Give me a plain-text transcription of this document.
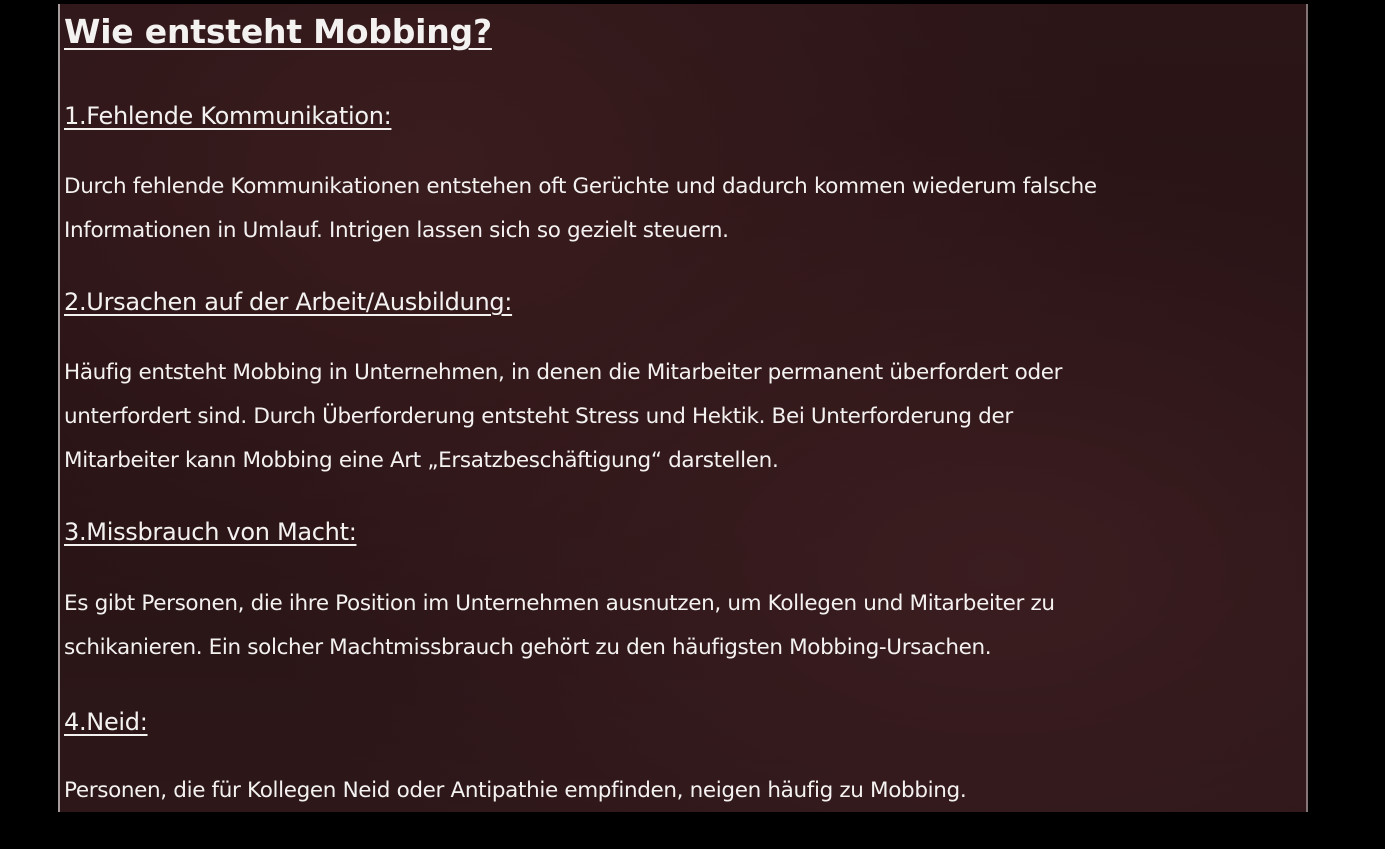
Wie entsteht Mobbing?
1.Fehlende Kommunikation:

Durch fehlende Kommunikationen entstehen oft Gerüchte und dadurch kommen wiederum falsche
Informationen in Umlauf. Intrigen lassen sich so gezielt steuern.

2.Ursachen auf der Arbeit/Ausbildung:

Häufig entsteht Mobbing in Unternehmen, in denen die Mitarbeiter permanent überfordert oder
unterfordert sind. Durch Überforderung entsteht Stress und Hektik. Bei Unterforderung der
Mitarbeiter kann Mobbing eine Art „Ersatzbeschäftigung“ darstellen.

3.Missbrauch von Macht:

Es gibt Personen, die ihre Position im Unternehmen ausnutzen, um Kollegen und Mitarbeiter zu
schikanieren. Ein solcher Machtmissbrauch gehört zu den häufigsten Mobbing-Ursachen.

4.Neid:

Personen, die für Kollegen Neid oder Antipathie empfinden, neigen häufig zu Mobbing.
